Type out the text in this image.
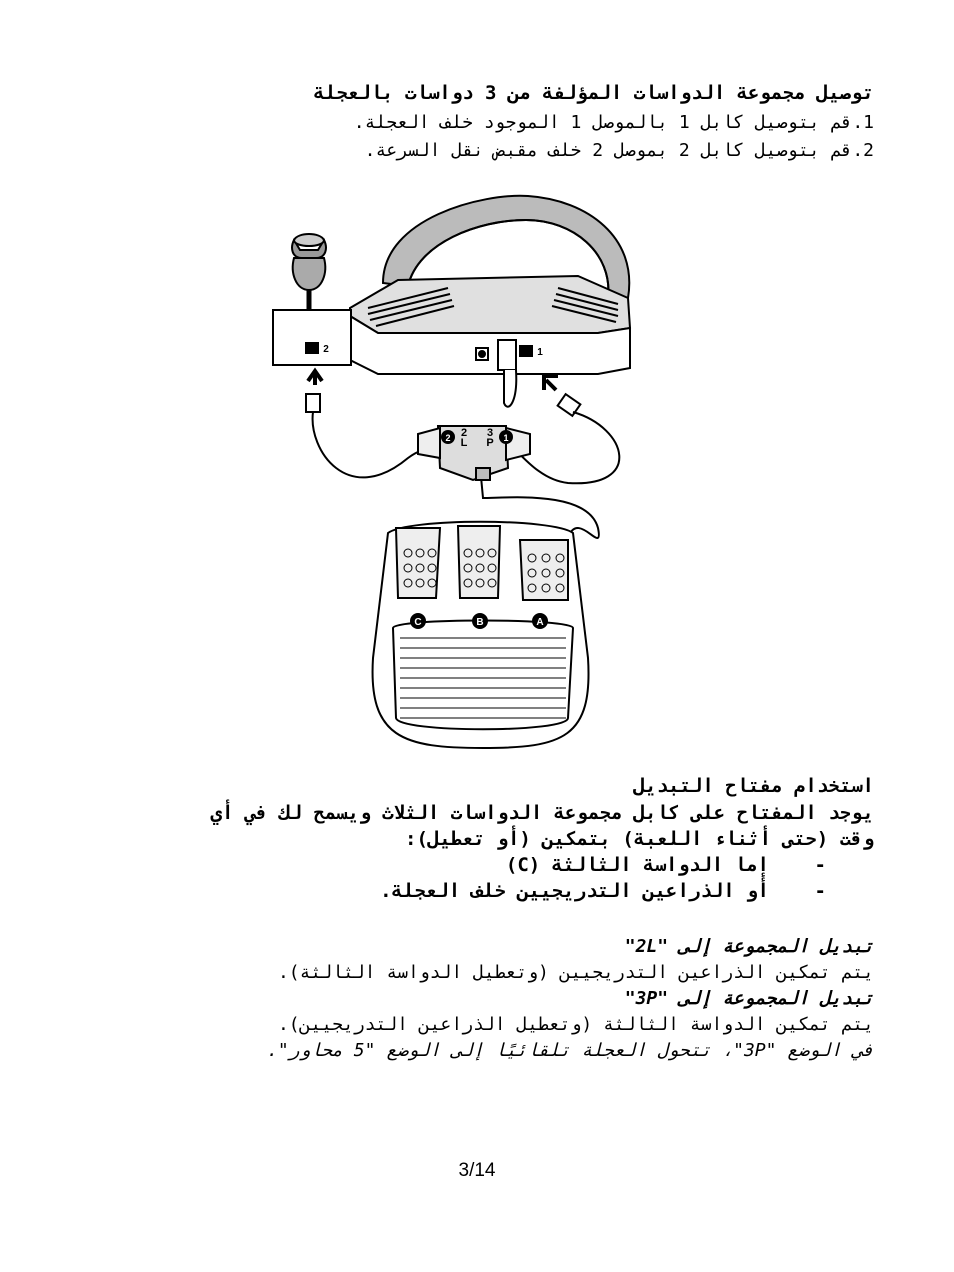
توصيل مجموعة الدواسات المؤلفة من 3 دواسات بالعجلة
1.قم بتوصيل كابل 1 بالموصل 1 الموجود خلف العجلة.
2.قم بتوصيل كابل 2 بموصل 2 خلف مقبض نقل السرعة.
2	1
2
L
3
P
2	1
C	B	A
استخدام مفتاح التبديل
يوجد المفتاح على كابل مجموعة الدواسات الثلاث ويسمح لك في أي
وقت (حتى أثناء اللعبة) بتمكين (أو تعطيل):
إما الدواسة الثالثة (C) -
أو الذراعين التدريجيين خلف العجلة. -
تبديل المجموعة إلى "2L"
يتم تمكين الذراعين التدريجيين (وتعطيل الدواسة الثالثة).
تبديل المجموعة إلى "3P"
يتم تمكين الدواسة الثالثة (وتعطيل الذراعين التدريجيين).
في الوضع "3P"، تتحول العجلة تلقائيًا إلى الوضع "5 محاور".
3/14
